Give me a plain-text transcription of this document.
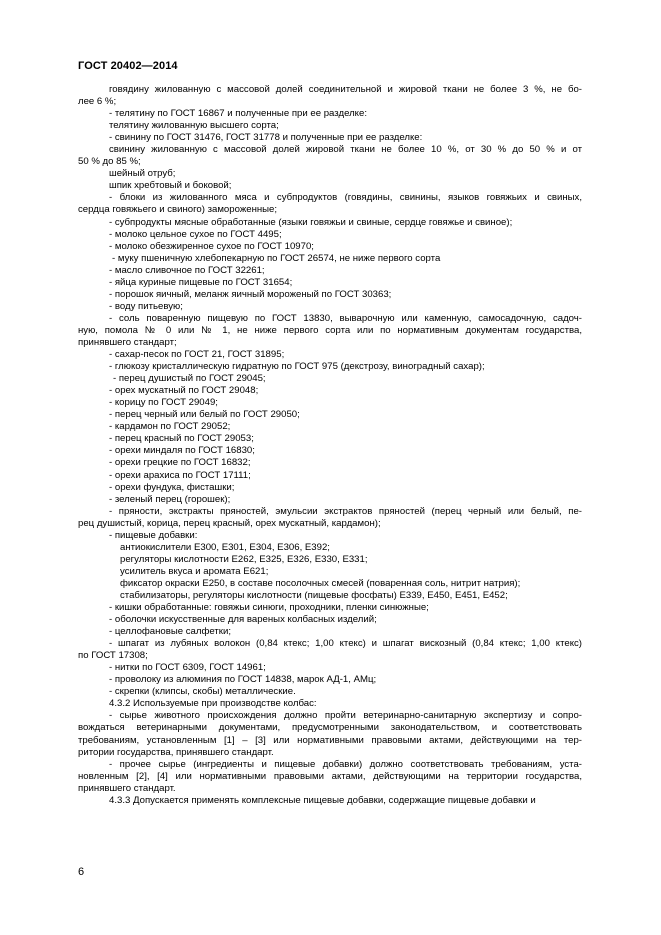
ГОСТ 20402—2014

говядину жилованную с массовой долей соединительной и жировой ткани не более 3 %, не бо-

лее 6 %;

- телятину по ГОСТ 16867 и полученные при ее разделке:

телятину жилованную высшего сорта;

- свинину по ГОСТ 31476, ГОСТ 31778 и полученные при ее разделке:

свинину жилованную с массовой долей жировой ткани не более 10 %, от 30 % до 50 % и от

50 % до 85 %;

шейный отруб;

шпик хребтовый и боковой;

- блоки из жилованного мяса и субпродуктов (говядины, свинины, языков говяжьих и свиных,

сердца говяжьего и свиного) замороженные;

- субпродукты мясные обработанные (языки говяжьи и свиные, сердце говяжье и свиное);

- молоко цельное сухое по ГОСТ 4495;

- молоко обезжиренное сухое по ГОСТ 10970;

- муку пшеничную хлебопекарную по ГОСТ 26574, не ниже первого сорта

- масло сливочное по ГОСТ 32261;

- яйца куриные пищевые по ГОСТ 31654;

- порошок яичный, меланж яичный мороженый по ГОСТ 30363;

- воду питьевую;

- соль поваренную пищевую по ГОСТ 13830, выварочную или каменную, самосадочную, садоч-

ную, помола № 0 или № 1, не ниже первого сорта или по нормативным документам государства,

принявшего стандарт;

- сахар-песок по ГОСТ 21, ГОСТ 31895;

- глюкозу кристаллическую гидратную по ГОСТ 975 (декстрозу, виноградный сахар);

- перец душистый по ГОСТ 29045;

- орех мускатный по ГОСТ 29048;

- корицу по ГОСТ 29049;

- перец черный или белый по ГОСТ 29050;

- кардамон по ГОСТ 29052;

- перец красный по ГОСТ 29053;

- орехи миндаля по ГОСТ 16830;

- орехи грецкие по ГОСТ 16832;

- орехи арахиса по ГОСТ 17111;

- орехи фундука, фисташки;

- зеленый перец (горошек);

- пряности, экстракты пряностей, эмульсии экстрактов пряностей (перец черный или белый, пе-

рец душистый, корица, перец красный, орех мускатный, кардамон);

- пищевые добавки:

антиокислители Е300, Е301, Е304, Е306, Е392;

регуляторы кислотности Е262, Е325, Е326, Е330, Е331;

усилитель вкуса и аромата Е621;

фиксатор окраски Е250, в составе посолочных смесей (поваренная соль, нитрит натрия);

стабилизаторы, регуляторы кислотности (пищевые фосфаты) Е339, Е450, Е451, Е452;

- кишки обработанные: говяжьи синюги, проходники, пленки синюжные;

- оболочки искусственные для вареных колбасных изделий;

- целлофановые салфетки;

- шпагат из лубяных волокон (0,84 ктекс; 1,00 ктекс) и шпагат вискозный (0,84 ктекс; 1,00 ктекс)

по ГОСТ 17308;

- нитки по ГОСТ 6309, ГОСТ 14961;

- проволоку из алюминия по ГОСТ 14838, марок АД-1, АМц;

- скрепки (клипсы, скобы) металлические.

4.3.2 Используемые при производстве колбас:

- сырье животного происхождения должно пройти ветеринарно-санитарную экспертизу и сопро-

вождаться ветеринарными документами, предусмотренными законодательством, и соответствовать

требованиям, установленным [1] – [3] или нормативными правовыми актами, действующими на тер-

ритории государства, принявшего стандарт.

- прочее сырье (ингредиенты и пищевые добавки) должно соответствовать требованиям, уста-

новленным [2], [4] или нормативными правовыми актами, действующими на территории государства,

принявшего стандарт.

4.3.3 Допускается применять комплексные пищевые добавки, содержащие пищевые добавки и

6
